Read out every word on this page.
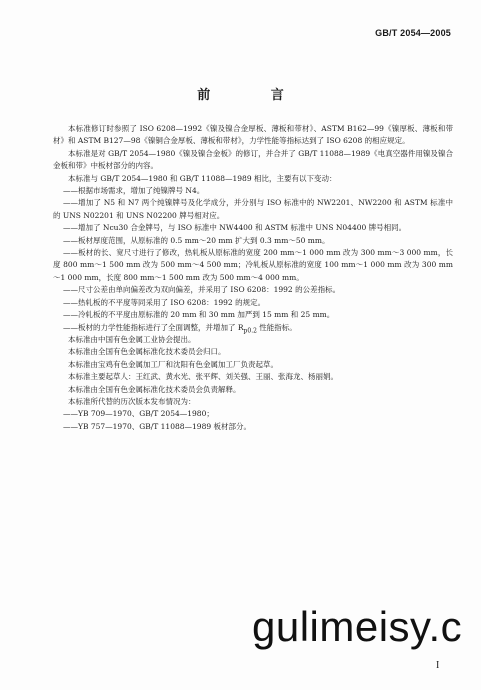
GB/T 2054—2005
前 言

本标准修订时参照了 ISO 6208—1992《镍及镍合金厚板、薄板和带材》、ASTM B162—99《镍厚板、薄板和带材》和 ASTM B127—98《镍铜合金厚板、薄板和带材》，力学性能等指标达到了 ISO 6208 的相应规定。

本标准是对 GB/T 2054—1980《镍及镍合金板》的修订，并合并了 GB/T 11088—1989《电真空器件用镍及镍合金板和带》中板材部分的内容。

本标准与 GB/T 2054—1980 和 GB/T 11088—1989 相比，主要有以下变动：

——根据市场需求，增加了纯镍牌号 N4。

——增加了 N5 和 N7 两个纯镍牌号及化学成分，并分别与 ISO 标准中的 NW2201、NW2200 和 ASTM 标准中的 UNS N02201 和 UNS N02200 牌号相对应。

——增加了 Ncu30 合金牌号，与 ISO 标准中 NW4400 和 ASTM 标准中 UNS N04400 牌号相同。

——板材厚度范围，从原标准的 0.5 mm～20 mm 扩大到 0.3 mm～50 mm。

——板材的长、宽尺寸进行了修改，热轧板从原标准的宽度 200 mm～1 000 mm 改为 300 mm～3 000 mm，长度 800 mm～1 500 mm 改为 500 mm～4 500 mm；冷轧板从原标准的宽度 100 mm～1 000 mm 改为 300 mm～1 000 mm，长度 800 mm～1 500 mm 改为 500 mm～4 000 mm。

——尺寸公差由单向偏差改为双向偏差，并采用了 ISO 6208：1992 的公差指标。

——热轧板的不平度等同采用了 ISO 6208：1992 的规定。

——冷轧板的不平度由原标准的 20 mm 和 30 mm 加严到 15 mm 和 25 mm。

——板材的力学性能指标进行了全面调整，并增加了 $R_{p0.2}$ 性能指标。

本标准由中国有色金属工业协会提出。

本标准由全国有色金属标准化技术委员会归口。

本标准由宝鸡有色金属加工厂和沈阳有色金属加工厂负责起草。

本标准主要起草人：王红武、黄水光、张平辉、刘关强、王丽、张海龙、杨丽娟。

本标准由全国有色金属标准化技术委员会负责解释。

本标准所代替的历次版本发布情况为：

——YB 709—1970、GB/T 2054—1980；

——YB 757—1970、GB/T 11088—1989 板材部分。

gulimeisy.c
I
